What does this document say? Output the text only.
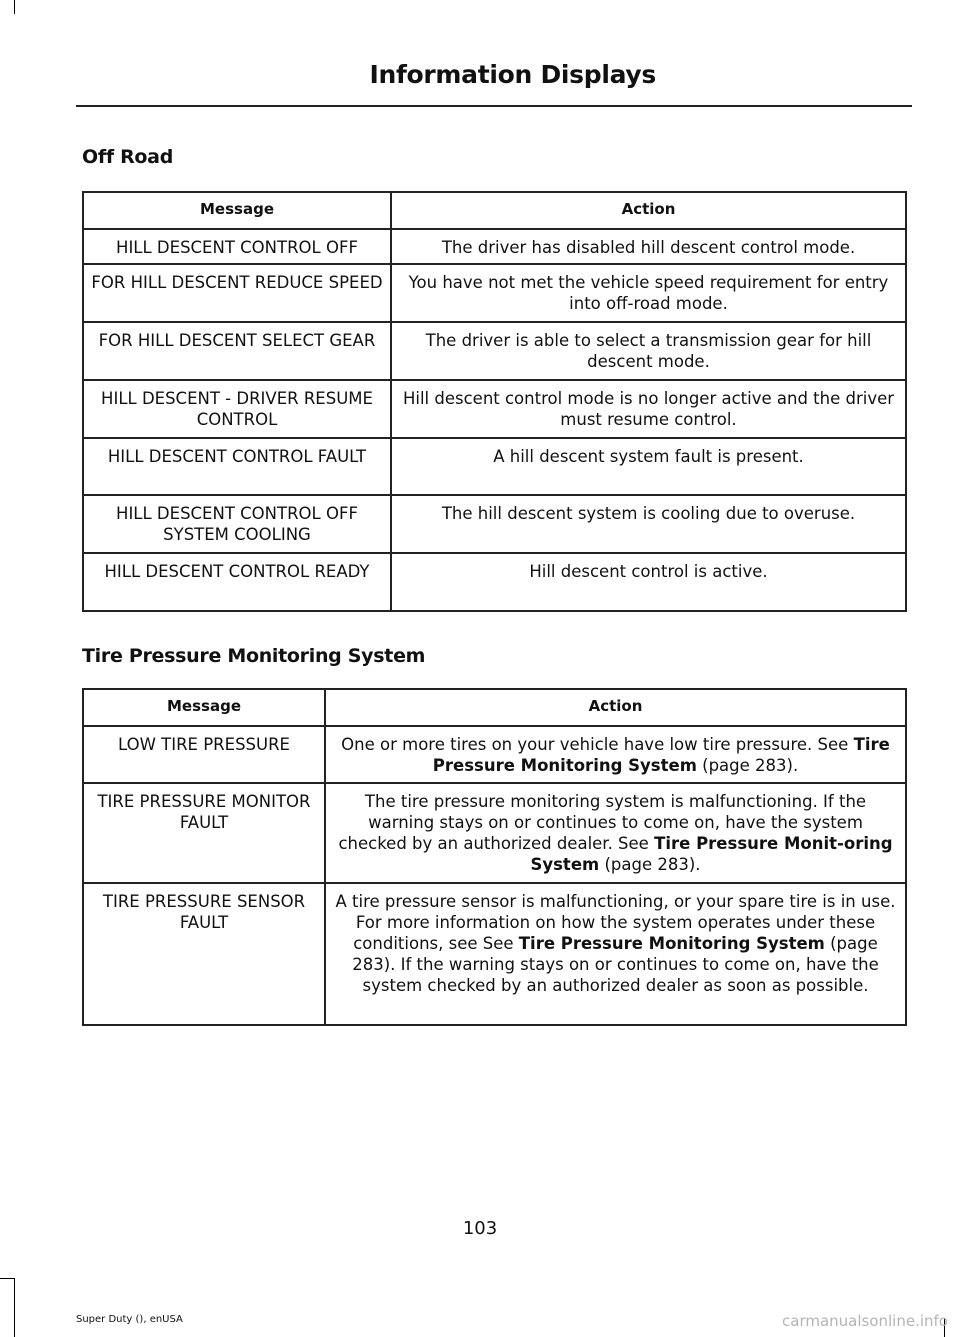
Information Displays
Off Road
Message	Action
HILL DESCENT CONTROL OFF	The driver has disabled hill descent control mode.
FOR HILL DESCENT REDUCE SPEED	You have not met the vehicle speed requirement for entry into off-road mode.
FOR HILL DESCENT SELECT GEAR	The driver is able to select a transmission gear for hill descent mode.
HILL DESCENT - DRIVER RESUME CONTROL	Hill descent control mode is no longer active and the driver must resume control.
HILL DESCENT CONTROL FAULT	A hill descent system fault is present.
HILL DESCENT CONTROL OFF SYSTEM COOLING	The hill descent system is cooling due to overuse.
HILL DESCENT CONTROL READY	Hill descent control is active.
Tire Pressure Monitoring System
Message	Action
LOW TIRE PRESSURE	One or more tires on your vehicle have low tire pressure. See Tire Pressure Monitoring System (page 283).
TIRE PRESSURE MONITOR FAULT	The tire pressure monitoring system is malfunctioning. If the warning stays on or continues to come on, have the system checked by an authorized dealer. See Tire Pressure Monit-oring System (page 283).
TIRE PRESSURE SENSOR FAULT	A tire pressure sensor is malfunctioning, or your spare tire is in use. For more information on how the system operates under these conditions, see See Tire Pressure Monitoring System (page 283). If the warning stays on or continues to come on, have the system checked by an authorized dealer as soon as possible.
103
Super Duty (), enUSA	carmanualsonline.info
